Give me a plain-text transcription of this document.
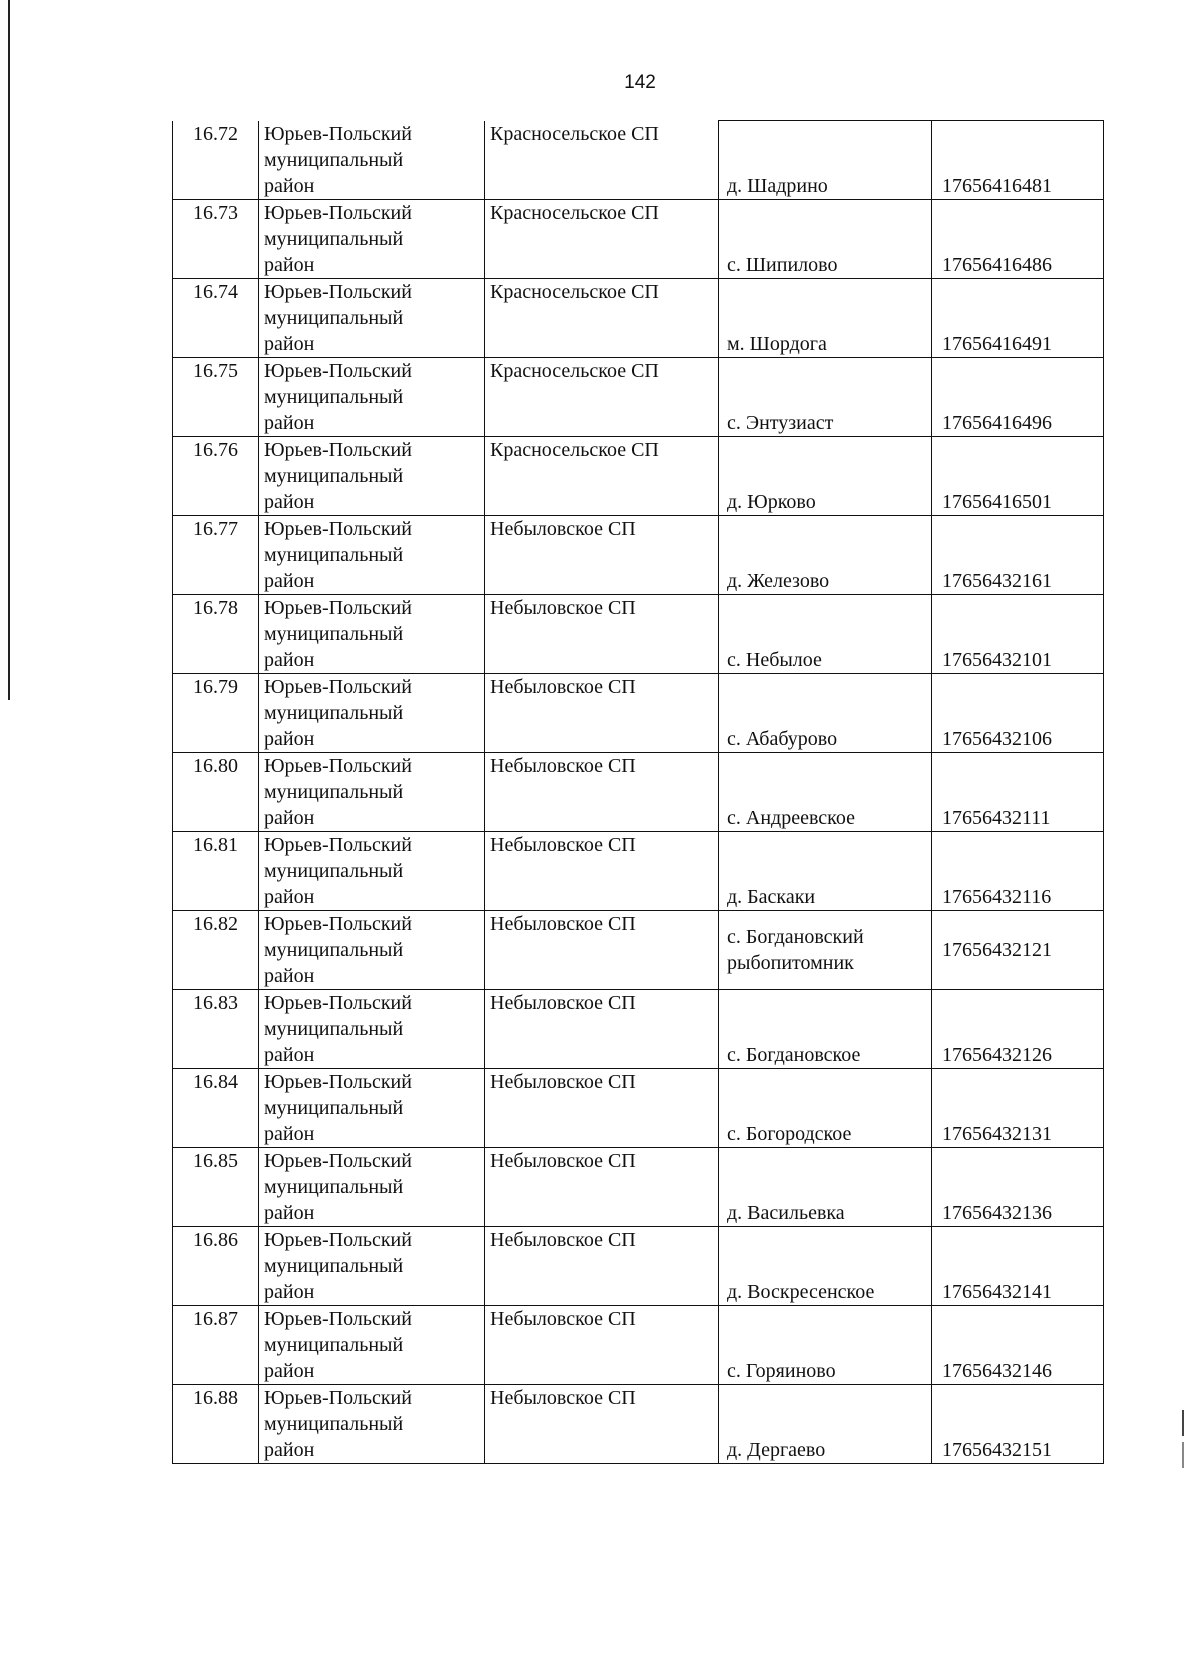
142
16.72	Юрьев-Польский
муниципальный
район	Красносельское СП	д. Шадрино	17656416481

16.73	Юрьев-Польский
муниципальный
район	Красносельское СП	с. Шипилово	17656416486

16.74	Юрьев-Польский
муниципальный
район	Красносельское СП	м. Шордога	17656416491

16.75	Юрьев-Польский
муниципальный
район	Красносельское СП	с. Энтузиаст	17656416496

16.76	Юрьев-Польский
муниципальный
район	Красносельское СП	д. Юрково	17656416501

16.77	Юрьев-Польский
муниципальный
район	Небыловское СП	д. Железово	17656432161

16.78	Юрьев-Польский
муниципальный
район	Небыловское СП	с. Небылое	17656432101

16.79	Юрьев-Польский
муниципальный
район	Небыловское СП	с. Абабурово	17656432106

16.80	Юрьев-Польский
муниципальный
район	Небыловское СП	с. Андреевское	17656432111

16.81	Юрьев-Польский
муниципальный
район	Небыловское СП	д. Баскаки	17656432116

16.82	Юрьев-Польский
муниципальный
район	Небыловское СП	с. Богдановский
рыбопитомник	17656432121

16.83	Юрьев-Польский
муниципальный
район	Небыловское СП	с. Богдановское	17656432126

16.84	Юрьев-Польский
муниципальный
район	Небыловское СП	с. Богородское	17656432131

16.85	Юрьев-Польский
муниципальный
район	Небыловское СП	д. Васильевка	17656432136

16.86	Юрьев-Польский
муниципальный
район	Небыловское СП	д. Воскресенское	17656432141

16.87	Юрьев-Польский
муниципальный
район	Небыловское СП	с. Горяиново	17656432146

16.88	Юрьев-Польский
муниципальный
район	Небыловское СП	д. Дергаево	17656432151
